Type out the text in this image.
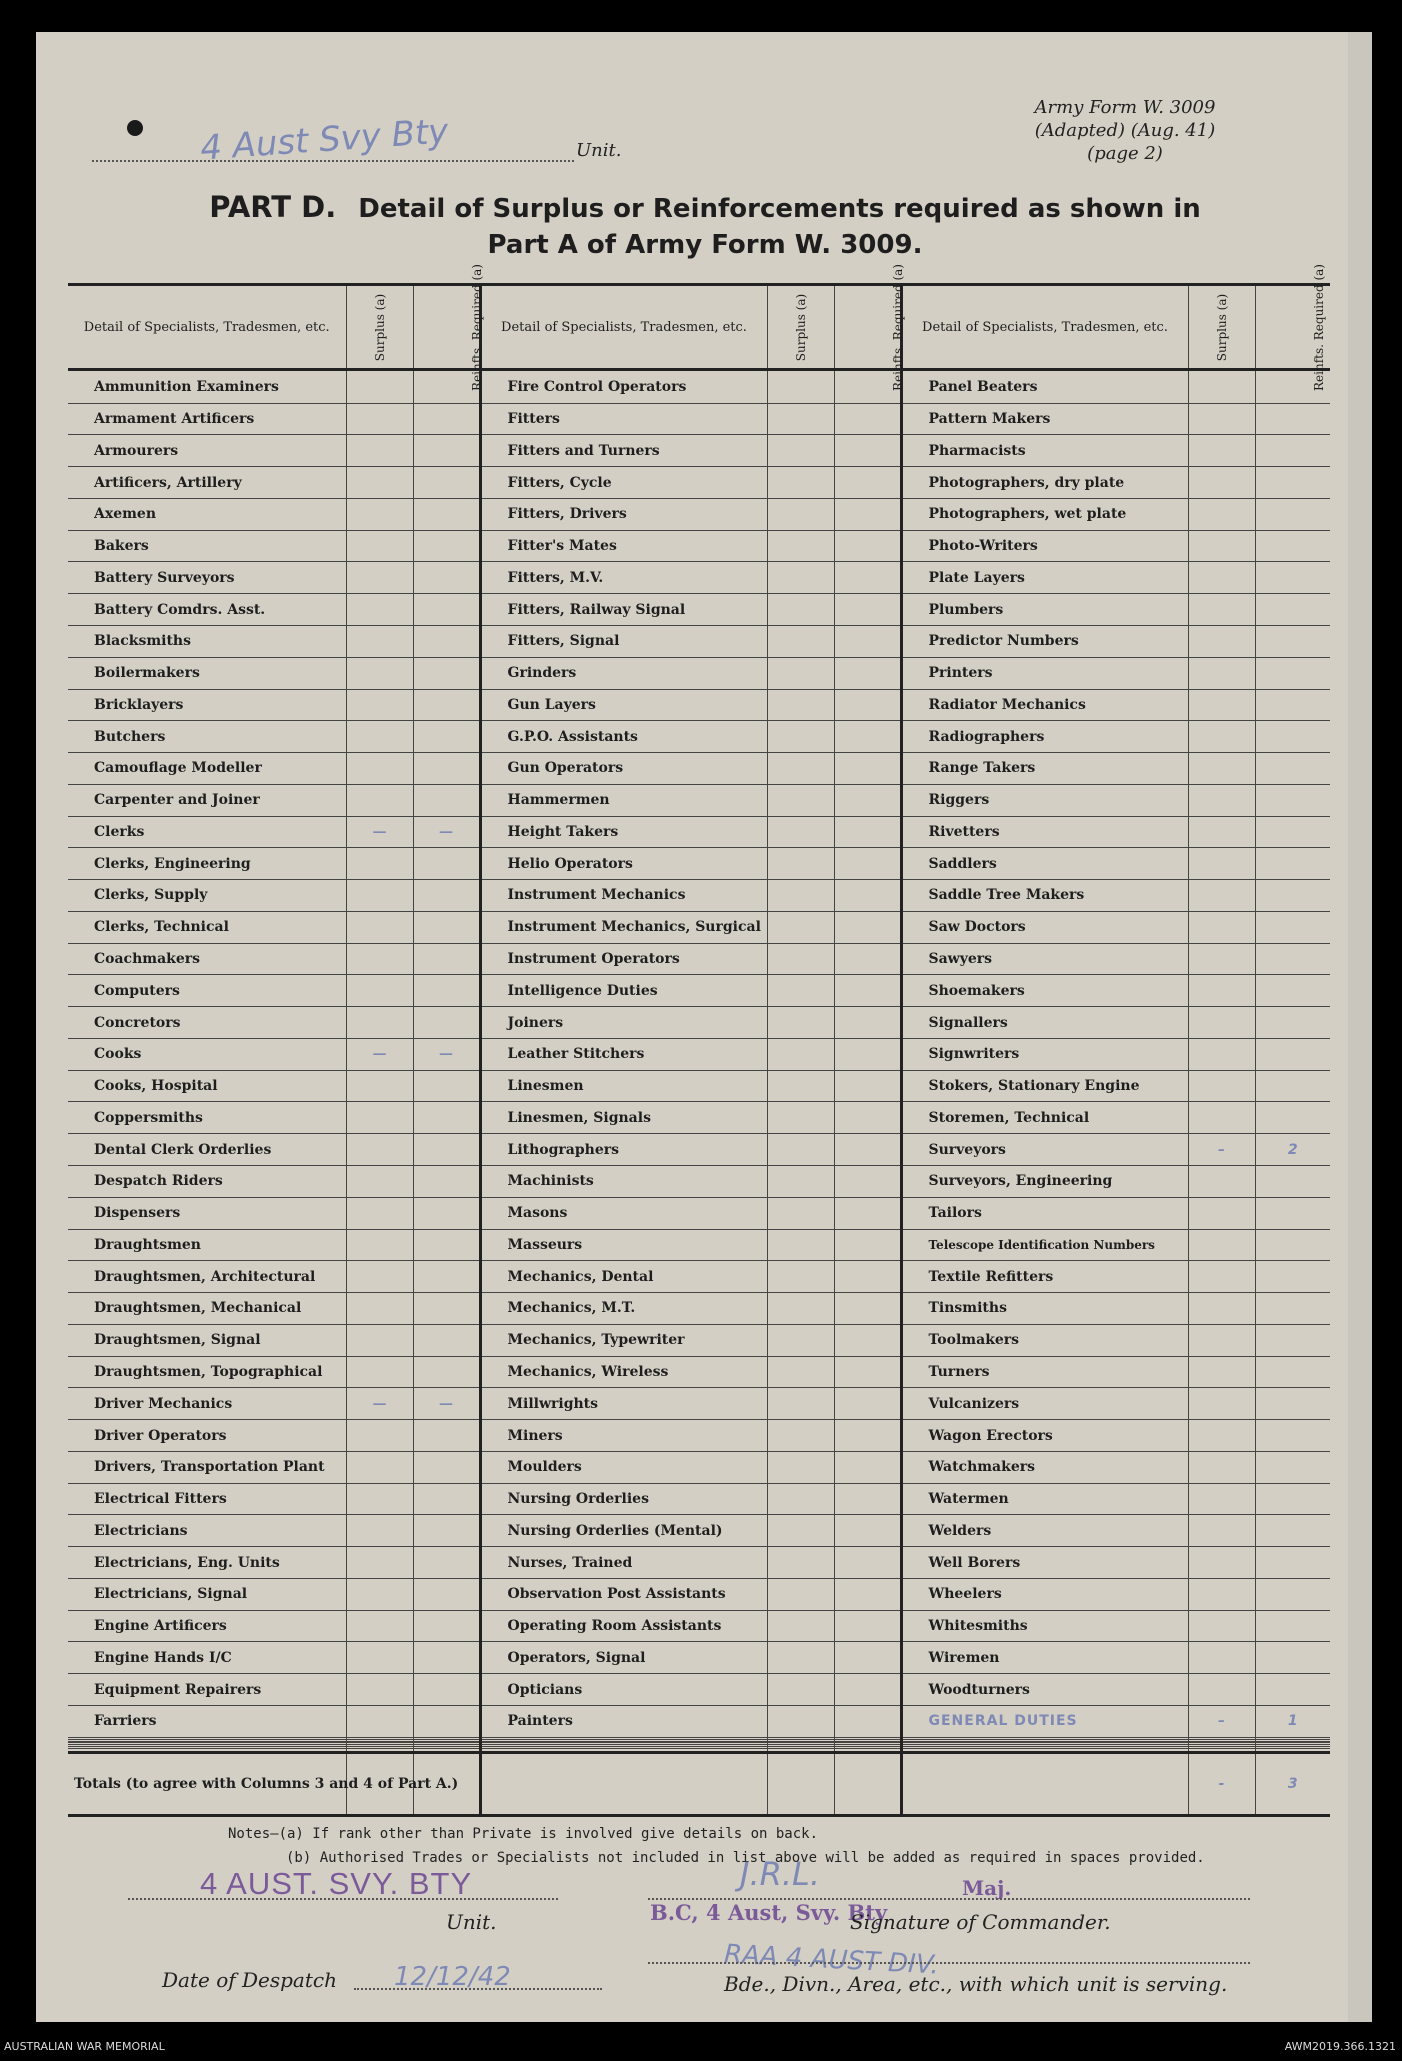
Army Form W. 3009
(Adapted) (Aug. 41)
(page 2)
4 Aust Svy Bty	Unit.
PART D. Detail of Surplus or Reinforcements required as shown in
Part A of Army Form W. 3009.
Detail of Specialists, Tradesmen, etc.	Surplus (a)	Reinfts. Required (a)	Detail of Specialists, Tradesmen, etc.	Surplus (a)	Reinfts. Required (a)	Detail of Specialists, Tradesmen, etc.	Surplus (a)	Reinfts. Required (a)
Ammunition Examiners			Fire Control Operators			Panel Beaters		
Armament Artificers			Fitters			Pattern Makers		
Armourers			Fitters and Turners			Pharmacists		
Artificers, Artillery			Fitters, Cycle			Photographers, dry plate		
Axemen			Fitters, Drivers			Photographers, wet plate		
Bakers			Fitter's Mates			Photo-Writers		
Battery Surveyors			Fitters, M.V.			Plate Layers		
Battery Comdrs. Asst.			Fitters, Railway Signal			Plumbers		
Blacksmiths			Fitters, Signal			Predictor Numbers		
Boilermakers			Grinders			Printers		
Bricklayers			Gun Layers			Radiator Mechanics		
Butchers			G.P.O. Assistants			Radiographers		
Camouflage Modeller			Gun Operators			Range Takers		
Carpenter and Joiner			Hammermen			Riggers		
Clerks	—	—	Height Takers			Rivetters		
Clerks, Engineering			Helio Operators			Saddlers		
Clerks, Supply			Instrument Mechanics			Saddle Tree Makers		
Clerks, Technical			Instrument Mechanics, Surgical			Saw Doctors		
Coachmakers			Instrument Operators			Sawyers		
Computers			Intelligence Duties			Shoemakers		
Concretors			Joiners			Signallers		
Cooks	—	—	Leather Stitchers			Signwriters		
Cooks, Hospital			Linesmen			Stokers, Stationary Engine		
Coppersmiths			Linesmen, Signals			Storemen, Technical		
Dental Clerk Orderlies			Lithographers			Surveyors	–	2
Despatch Riders			Machinists			Surveyors, Engineering		
Dispensers			Masons			Tailors		
Draughtsmen			Masseurs			Telescope Identification Numbers		
Draughtsmen, Architectural			Mechanics, Dental			Textile Refitters		
Draughtsmen, Mechanical			Mechanics, M.T.			Tinsmiths		
Draughtsmen, Signal			Mechanics, Typewriter			Toolmakers		
Draughtsmen, Topographical			Mechanics, Wireless			Turners		
Driver Mechanics	—	—	Millwrights			Vulcanizers		
Driver Operators			Miners			Wagon Erectors		
Drivers, Transportation Plant			Moulders			Watchmakers		
Electrical Fitters			Nursing Orderlies			Watermen		
Electricians			Nursing Orderlies (Mental)			Welders		
Electricians, Eng. Units			Nurses, Trained			Well Borers		
Electricians, Signal			Observation Post Assistants			Wheelers		
Engine Artificers			Operating Room Assistants			Whitesmiths		
Engine Hands I/C			Operators, Signal			Wiremen		
Equipment Repairers			Opticians			Woodturners		
Farriers			Painters			GENERAL DUTIES	–	1

Totals (to agree with Columns 3 and 4 of Part A.)							-	3
Notes—(a) If rank other than Private is involved give details on back.
(b) Authorised Trades or Specialists not included in list above will be added as required in spaces provided.
4 AUST. SVY. BTY
Unit.
J.R.L.	Maj.
B.C, 4 Aust, Svy. Bty
Signature of Commander.
RAA 4 AUST DIV.
Bde., Divn., Area, etc., with which unit is serving.
Date of Despatch 12/12/42
AUSTRALIAN WAR MEMORIAL	AWM2019.366.1321
